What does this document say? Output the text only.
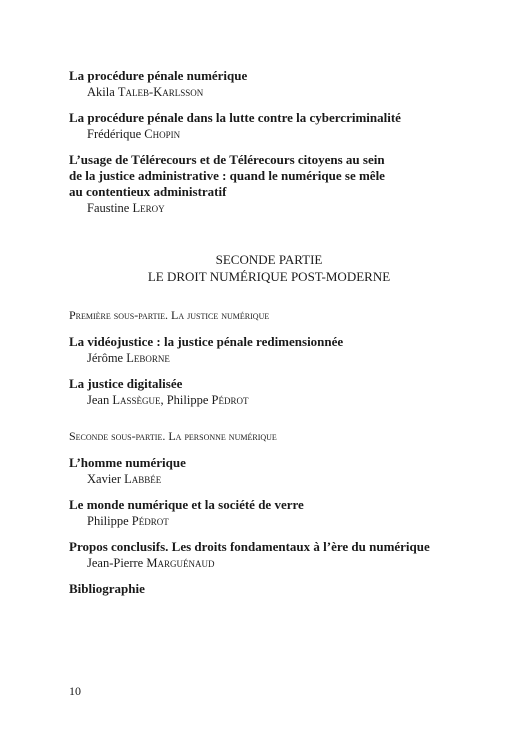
La procédure pénale numérique

Akila Taleb-Karlsson

La procédure pénale dans la lutte contre la cybercriminalité

Frédérique Chopin

L’usage de Télérecours et de Télérecours citoyens au sein

de la justice administrative : quand le numérique se mêle

au contentieux administratif

Faustine Leroy

SECONDE PARTIE

LE DROIT NUMÉRIQUE POST-MODERNE

Première sous-partie. La justice numérique

La vidéojustice : la justice pénale redimensionnée

Jérôme Leborne

La justice digitalisée

Jean Lassègue, Philippe Pédrot

Seconde sous-partie. La personne numérique

L’homme numérique

Xavier Labbée

Le monde numérique et la société de verre

Philippe Pédrot

Propos conclusifs. Les droits fondamentaux à l’ère du numérique

Jean-Pierre Marguénaud

Bibliographie

10
